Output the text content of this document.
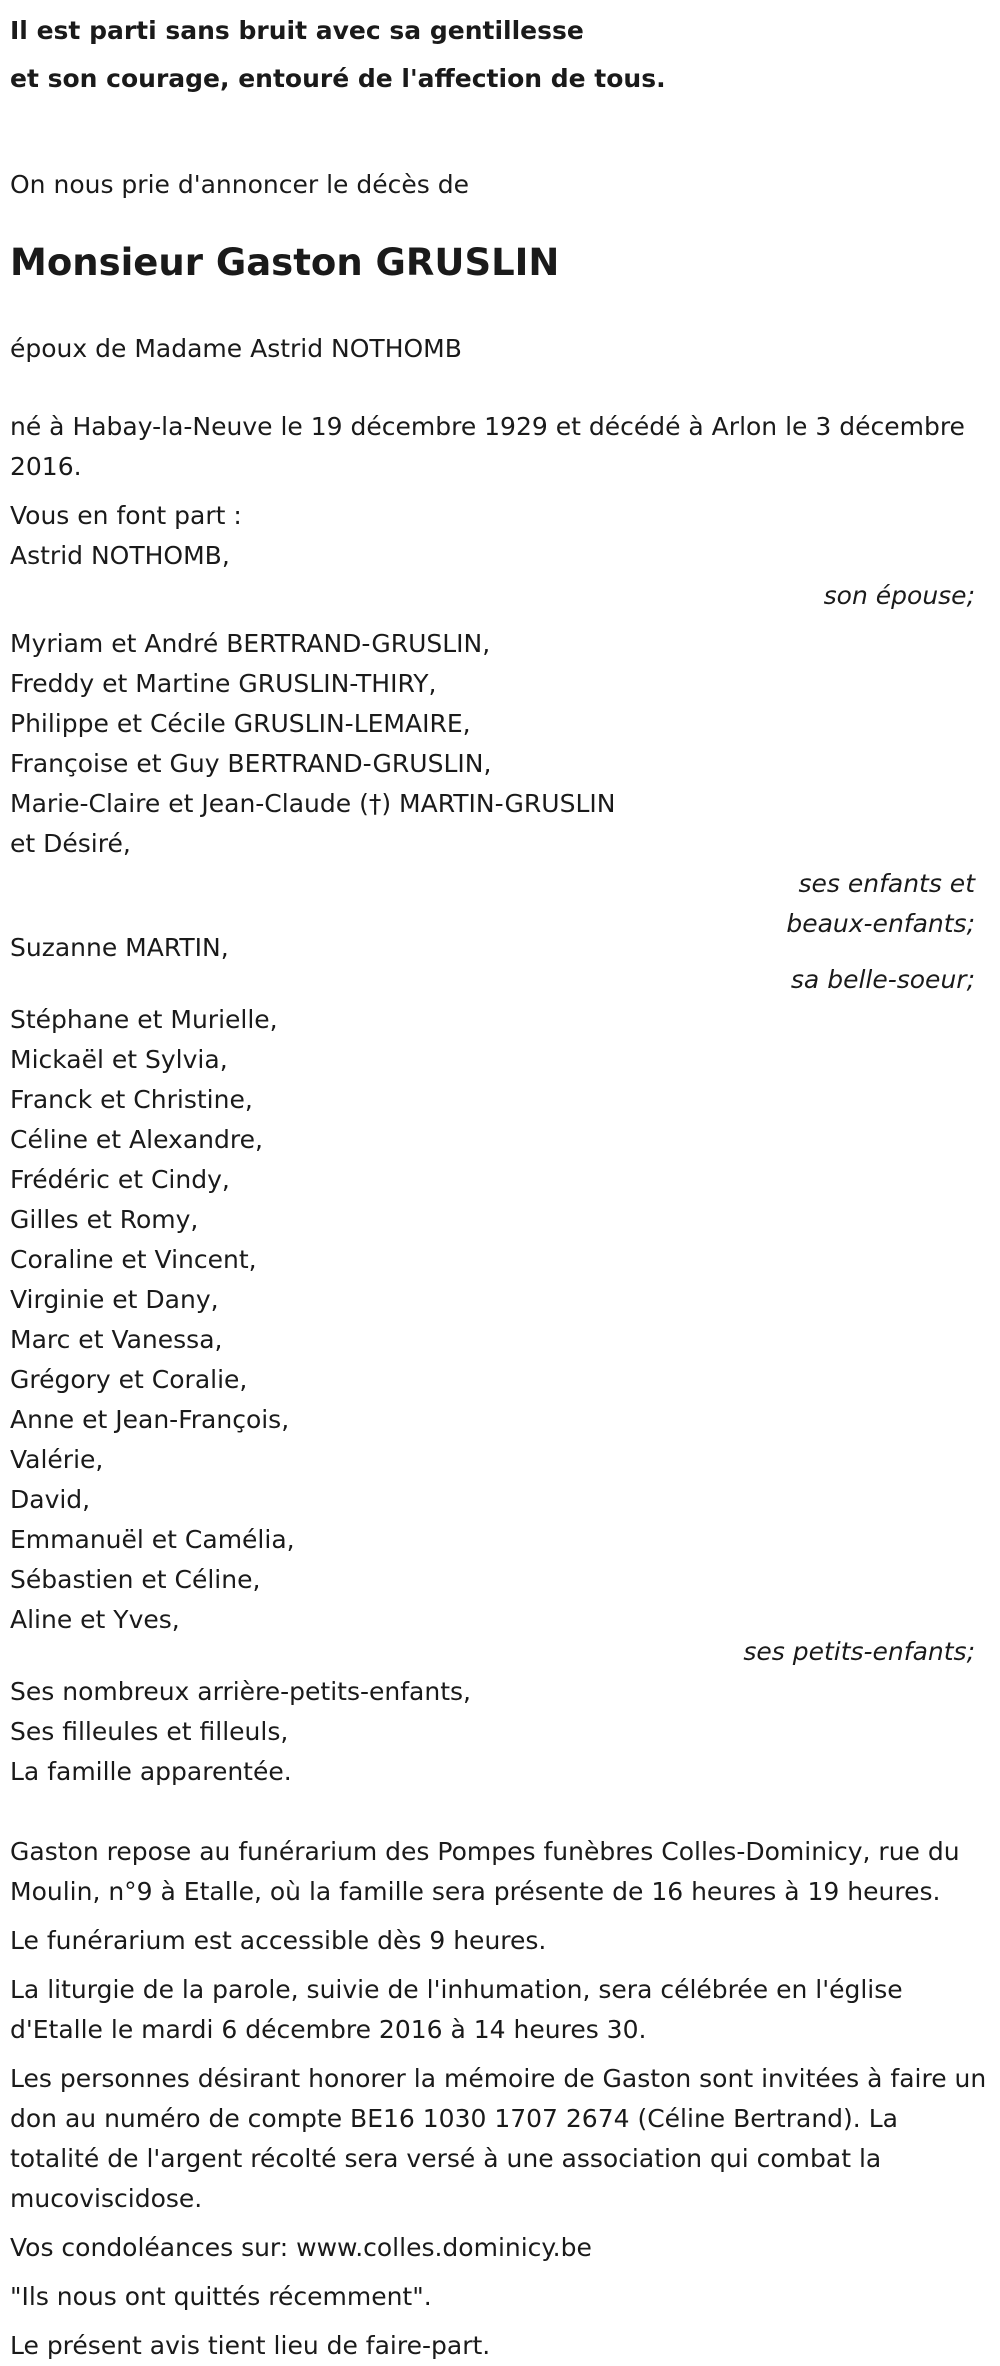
Il est parti sans bruit avec sa gentillesse
et son courage, entouré de l'affection de tous.

On nous prie d'annoncer le décès de

Monsieur Gaston GRUSLIN

époux de Madame Astrid NOTHOMB

né à Habay-la-Neuve le 19 décembre 1929 et décédé à Arlon le 3 décembre 2016.

Vous en font part :

Astrid NOTHOMB,
son épouse;
Myriam et André BERTRAND-GRUSLIN,
Freddy et Martine GRUSLIN-THIRY,
Philippe et Cécile GRUSLIN-LEMAIRE,
Françoise et Guy BERTRAND-GRUSLIN,
Marie-Claire et Jean-Claude (†) MARTIN-GRUSLIN
et Désiré,
ses enfants et
beaux-enfants;
Suzanne MARTIN,
sa belle-soeur;
Stéphane et Murielle,
Mickaël et Sylvia,
Franck et Christine,
Céline et Alexandre,
Frédéric et Cindy,
Gilles et Romy,
Coraline et Vincent,
Virginie et Dany,
Marc et Vanessa,
Grégory et Coralie,
Anne et Jean-François,
Valérie,
David,
Emmanuël et Camélia,
Sébastien et Céline,
Aline et Yves,
ses petits-enfants;
Ses nombreux arrière-petits-enfants,
Ses filleules et filleuls,
La famille apparentée.

Gaston repose au funérarium des Pompes funèbres Colles-Dominicy, rue du Moulin, n°9 à Etalle, où la famille sera présente de 16 heures à 19 heures.

Le funérarium est accessible dès 9 heures.

La liturgie de la parole, suivie de l'inhumation, sera célébrée en l'église d'Etalle le mardi 6 décembre 2016 à 14 heures 30.

Les personnes désirant honorer la mémoire de Gaston sont invitées à faire un don au numéro de compte BE16 1030 1707 2674 (Céline Bertrand). La totalité de l'argent récolté sera versé à une association qui combat la mucoviscidose.

Vos condoléances sur: www.colles.dominicy.be

"Ils nous ont quittés récemment".

Le présent avis tient lieu de faire-part.
